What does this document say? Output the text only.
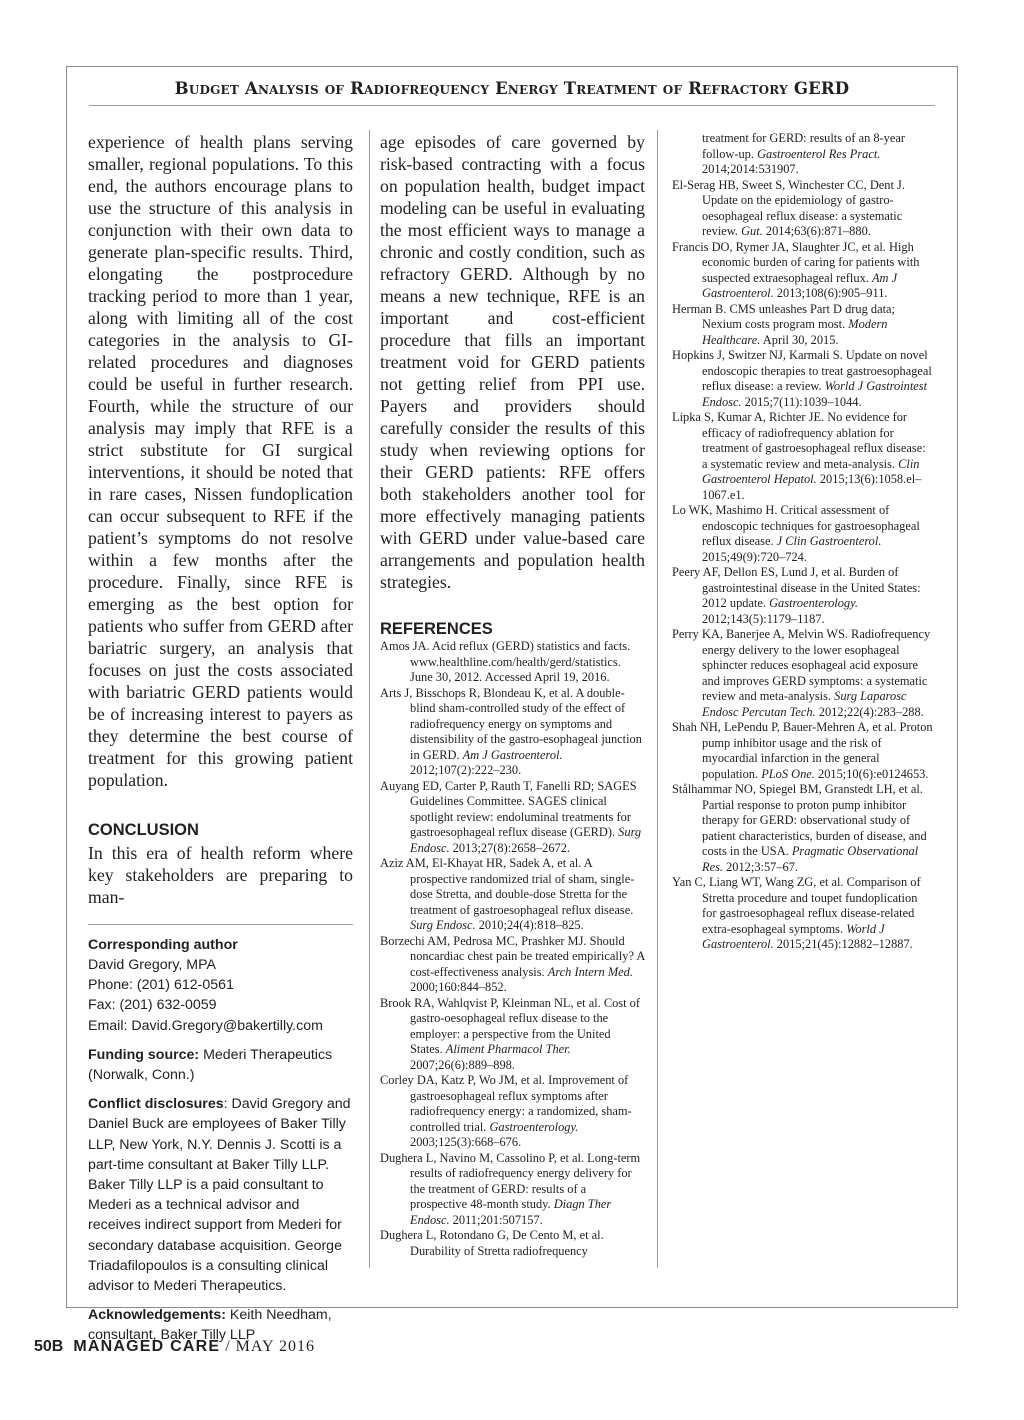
Budget Analysis of Radiofrequency Energy Treatment of Refractory GERD

experience of health plans serving smaller, regional populations. To this end, the authors encourage plans to use the structure of this analysis in conjunction with their own data to generate plan-specific results. Third, elongating the postprocedure tracking period to more than 1 year, along with limiting all of the cost categories in the analysis to GI-related procedures and diagnoses could be useful in further research. Fourth, while the structure of our analysis may imply that RFE is a strict substitute for GI surgical interventions, it should be noted that in rare cases, Nissen fundoplication can occur subsequent to RFE if the patient’s symptoms do not resolve within a few months after the procedure. Finally, since RFE is emerging as the best option for patients who suffer from GERD after bariatric surgery, an analysis that focuses on just the costs associated with bariatric GERD patients would be of increasing interest to payers as they determine the best course of treatment for this growing patient population.

CONCLUSION

In this era of health reform where key stakeholders are preparing to man-

Corresponding author

David Gregory, MPA

Phone: (201) 612-0561

Fax: (201) 632-0059

Email: David.Gregory@bakertilly.com

Funding source: Mederi Therapeutics (Norwalk, Conn.)

Conflict disclosures: David Gregory and Daniel Buck are employees of Baker Tilly LLP, New York, N.Y. Dennis J. Scotti is a part-time consultant at Baker Tilly LLP. Baker Tilly LLP is a paid consultant to Mederi as a technical advisor and receives indirect support from Mederi for secondary database acquisition. George Triadafilopoulos is a consulting clinical advisor to Mederi Therapeutics.

Acknowledgements: Keith Needham, consultant, Baker Tilly LLP

age episodes of care governed by risk-based contracting with a focus on population health, budget impact modeling can be useful in evaluating the most efficient ways to manage a chronic and costly condition, such as refractory GERD. Although by no means a new technique, RFE is an important and cost-efficient procedure that fills an important treatment void for GERD patients not getting relief from PPI use. Payers and providers should carefully consider the results of this study when reviewing options for their GERD patients: RFE offers both stakeholders another tool for more effectively managing patients with GERD under value-based care arrangements and population health strategies.

REFERENCES
Amos JA. Acid reflux (GERD) statistics and facts. www.healthline.com/health/gerd/statistics. June 30, 2012. Accessed April 19, 2016.
Arts J, Bisschops R, Blondeau K, et al. A double-blind sham-controlled study of the effect of radiofrequency energy on symptoms and distensibility of the gastro-esophageal junction in GERD. Am J Gastroenterol. 2012;107(2):222–230.
Auyang ED, Carter P, Rauth T, Fanelli RD; SAGES Guidelines Committee. SAGES clinical spotlight review: endoluminal treatments for gastroesophageal reflux disease (GERD). Surg Endosc. 2013;27(8):2658–2672.
Aziz AM, El-Khayat HR, Sadek A, et al. A prospective randomized trial of sham, single-dose Stretta, and double-dose Stretta for the treatment of gastroesophageal reflux disease. Surg Endosc. 2010;24(4):818–825.
Borzechi AM, Pedrosa MC, Prashker MJ. Should noncardiac chest pain be treated empirically? A cost-effectiveness analysis. Arch Intern Med. 2000;160:844–852.
Brook RA, Wahlqvist P, Kleinman NL, et al. Cost of gastro-oesophageal reflux disease to the employer: a perspective from the United States. Aliment Pharmacol Ther. 2007;26(6):889–898.
Corley DA, Katz P, Wo JM, et al. Improvement of gastroesophageal reflux symptoms after radiofrequency energy: a randomized, sham-controlled trial. Gastroenterology. 2003;125(3):668–676.
Dughera L, Navino M, Cassolino P, et al. Long-term results of radiofrequency energy delivery for the treatment of GERD: results of a prospective 48-month study. Diagn Ther Endosc. 2011;201:507157.
Dughera L, Rotondano G, De Cento M, et al. Durability of Stretta radiofrequency

treatment for GERD: results of an 8-year follow-up. Gastroenterol Res Pract. 2014;2014:531907.

El-Serag HB, Sweet S, Winchester CC, Dent J. Update on the epidemiology of gastro-oesophageal reflux disease: a systematic review. Gut. 2014;63(6):871–880.
Francis DO, Rymer JA, Slaughter JC, et al. High economic burden of caring for patients with suspected extraesophageal reflux. Am J Gastroenterol. 2013;108(6):905–911.
Herman B. CMS unleashes Part D drug data; Nexium costs program most. Modern Healthcare. April 30, 2015.
Hopkins J, Switzer NJ, Karmali S. Update on novel endoscopic therapies to treat gastroesophageal reflux disease: a review. World J Gastrointest Endosc. 2015;7(11):1039–1044.
Lipka S, Kumar A, Richter JE. No evidence for efficacy of radiofrequency ablation for treatment of gastroesophageal reflux disease: a systematic review and meta-analysis. Clin Gastroenterol Hepatol. 2015;13(6):1058.el–1067.e1.
Lo WK, Mashimo H. Critical assessment of endoscopic techniques for gastroesophageal reflux disease. J Clin Gastroenterol. 2015;49(9):720–724.
Peery AF, Dellon ES, Lund J, et al. Burden of gastrointestinal disease in the United States: 2012 update. Gastroenterology. 2012;143(5):1179–1187.
Perry KA, Banerjee A, Melvin WS. Radiofrequency energy delivery to the lower esophageal sphincter reduces esophageal acid exposure and improves GERD symptoms: a systematic review and meta-analysis. Surg Laparosc Endosc Percutan Tech. 2012;22(4):283–288.
Shah NH, LePendu P, Bauer-Mehren A, et al. Proton pump inhibitor usage and the risk of myocardial infarction in the general population. PLoS One. 2015;10(6):e0124653.
Stålhammar NO, Spiegel BM, Granstedt LH, et al. Partial response to proton pump inhibitor therapy for GERD: observational study of patient characteristics, burden of disease, and costs in the USA. Pragmatic Observational Res. 2012;3:57–67.
Yan C, Liang WT, Wang ZG, et al. Comparison of Stretta procedure and toupet fundoplication for gastroesophageal reflux disease-related extra-esophageal symptoms. World J Gastroenterol. 2015;21(45):12882–12887.
50B MANAGED CARE / MAY 2016
